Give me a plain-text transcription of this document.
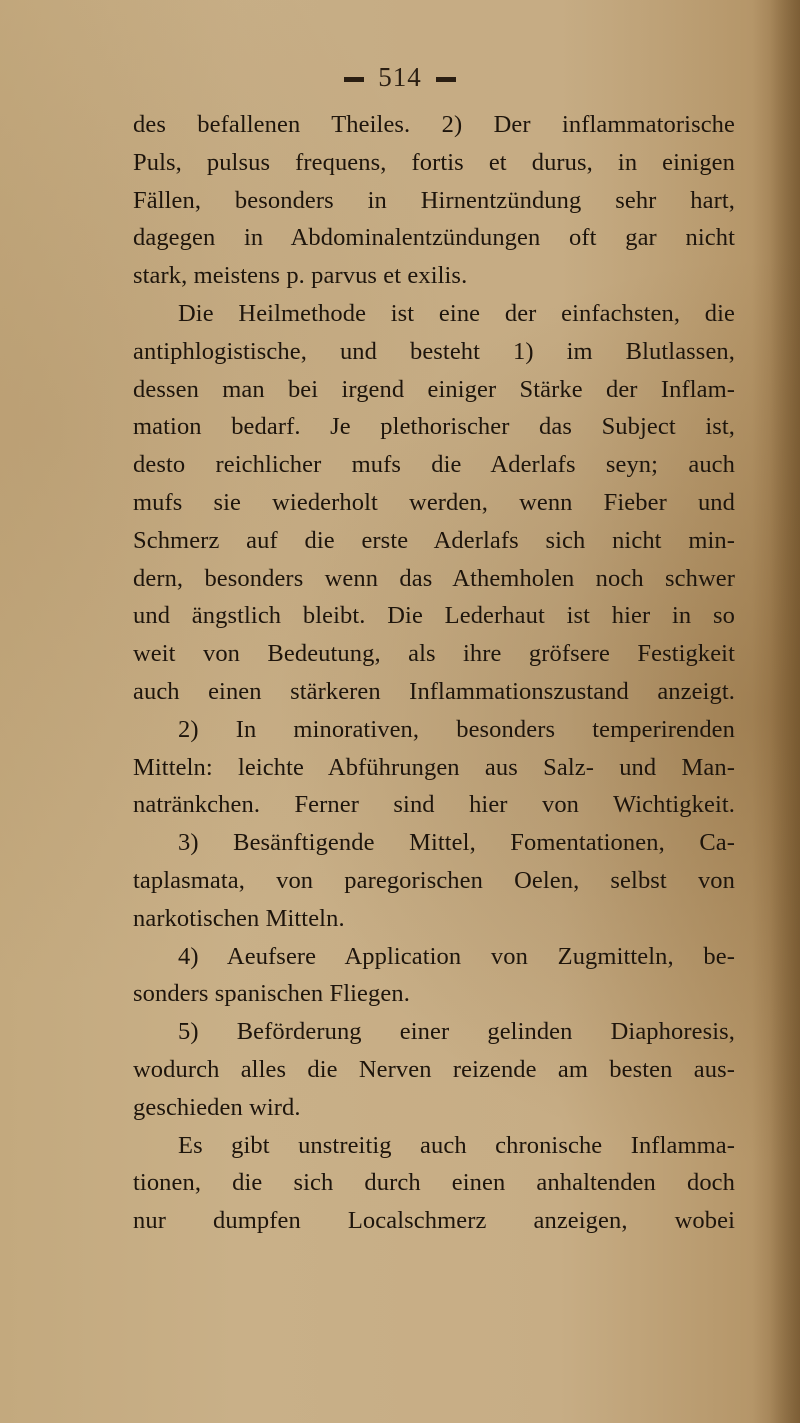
514
des befallenen Theiles. 2) Der inflammatorische
Puls, pulsus frequens, fortis et durus, in einigen
Fällen, besonders in Hirnentzündung sehr hart,
dagegen in Abdominalentzündungen oft gar nicht
stark, meistens p. parvus et exilis.
Die Heilmethode ist eine der einfachsten, die
antiphlogistische, und besteht 1) im Blutlassen,
dessen man bei irgend einiger Stärke der Inflam-
mation bedarf. Je plethorischer das Subject ist,
desto reichlicher mufs die Aderlafs seyn; auch
mufs sie wiederholt werden, wenn Fieber und
Schmerz auf die erste Aderlafs sich nicht min-
dern, besonders wenn das Athemholen noch schwer
und ängstlich bleibt. Die Lederhaut ist hier in so
weit von Bedeutung, als ihre gröfsere Festigkeit
auch einen stärkeren Inflammationszustand anzeigt.
2) In minorativen, besonders temperirenden
Mitteln: leichte Abführungen aus Salz- und Man-
natränkchen. Ferner sind hier von Wichtigkeit.
3) Besänftigende Mittel, Fomentationen, Ca-
taplasmata, von paregorischen Oelen, selbst von
narkotischen Mitteln.
4) Aeufsere Application von Zugmitteln, be-
sonders spanischen Fliegen.
5) Beförderung einer gelinden Diaphoresis,
wodurch alles die Nerven reizende am besten aus-
geschieden wird.
Es gibt unstreitig auch chronische Inflamma-
tionen, die sich durch einen anhaltenden doch
nur dumpfen Localschmerz anzeigen, wobei
